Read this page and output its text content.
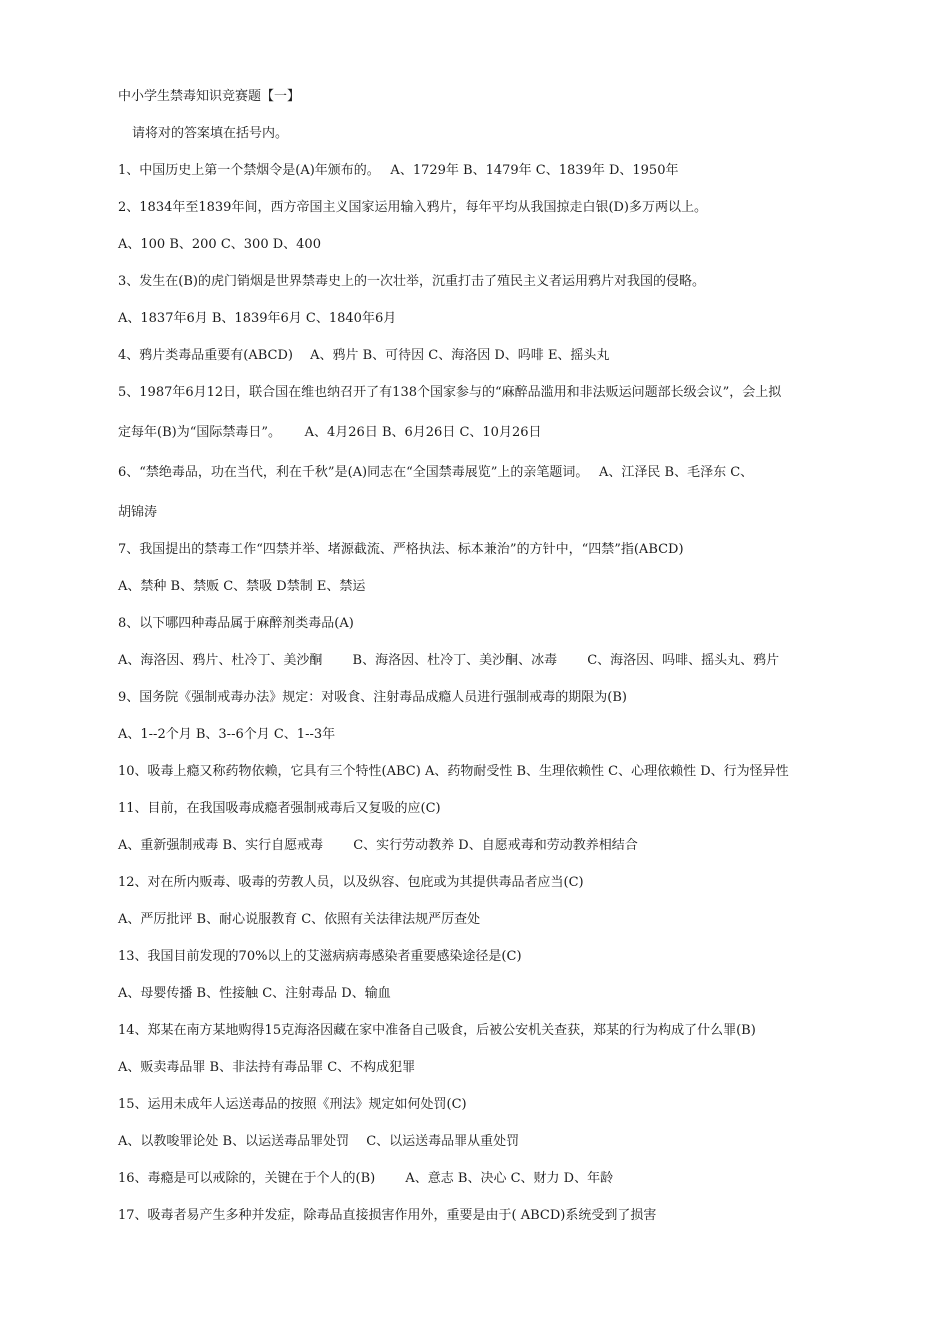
中小学生禁毒知识竞赛题【一】

请将对的答案填在括号内。

1、中国历史上第一个禁烟令是(A)年颁布的。　 A、1729年 B、1479年 C、1839年 D、1950年

2、1834年至1839年间，西方帝国主义国家运用输入鸦片，每年平均从我国掠走白银(D)多万两以上。

A、100 B、200 C、300 D、400

3、发生在(B)的虎门销烟是世界禁毒史上的一次壮举，沉重打击了殖民主义者运用鸦片对我国的侵略。

A、1837年6月 B、1839年6月 C、1840年6月

4、鸦片类毒品重要有(ABCD)　 A、鸦片 B、可待因 C、海洛因 D、吗啡 E、摇头丸

5、1987年6月12日，联合国在维也纳召开了有138个国家参与的“麻醉品滥用和非法贩运问题部长级会议”，会上拟

定每年(B)为“国际禁毒日”。　　 A、4月26日 B、6月26日 C、10月26日

6、“禁绝毒品，功在当代，利在千秋”是(A)同志在“全国禁毒展览”上的亲笔题词。　 A、江泽民 B、毛泽东 C、

胡锦涛

7、我国提出的禁毒工作“四禁并举、堵源截流、严格执法、标本兼治”的方针中，“四禁”指(ABCD)

A、禁种 B、禁贩 C、禁吸 D禁制 E、禁运

8、以下哪四种毒品属于麻醉剂类毒品(A)

A、海洛因、鸦片、杜冷丁、美沙酮　　 B、海洛因、杜冷丁、美沙酮、冰毒　　 C、海洛因、吗啡、摇头丸、鸦片

9、国务院《强制戒毒办法》规定：对吸食、注射毒品成瘾人员进行强制戒毒的期限为(B)

A、1--2个月 B、3--6个月 C、1--3年

10、吸毒上瘾又称药物依赖，它具有三个特性(ABC) A、药物耐受性 B、生理依赖性 C、心理依赖性 D、行为怪异性

11、目前，在我国吸毒成瘾者强制戒毒后又复吸的应(C)

A、重新强制戒毒 B、实行自愿戒毒　　 C、实行劳动教养 D、自愿戒毒和劳动教养相结合

12、对在所内贩毒、吸毒的劳教人员，以及纵容、包庇或为其提供毒品者应当(C)

A、严厉批评 B、耐心说服教育 C、依照有关法律法规严厉查处

13、我国目前发现的70%以上的艾滋病病毒感染者重要感染途径是(C)

A、母婴传播 B、性接触 C、注射毒品 D、输血

14、郑某在南方某地购得15克海洛因藏在家中准备自己吸食，后被公安机关查获，郑某的行为构成了什么罪(B)

A、贩卖毒品罪 B、非法持有毒品罪 C、不构成犯罪

15、运用未成年人运送毒品的按照《刑法》规定如何处罚(C)

A、以教唆罪论处 B、以运送毒品罪处罚　 C、以运送毒品罪从重处罚

16、毒瘾是可以戒除的，关键在于个人的(B)　　 A、意志 B、决心 C、财力 D、年龄

17、吸毒者易产生多种并发症，除毒品直接损害作用外，重要是由于( ABCD)系统受到了损害
